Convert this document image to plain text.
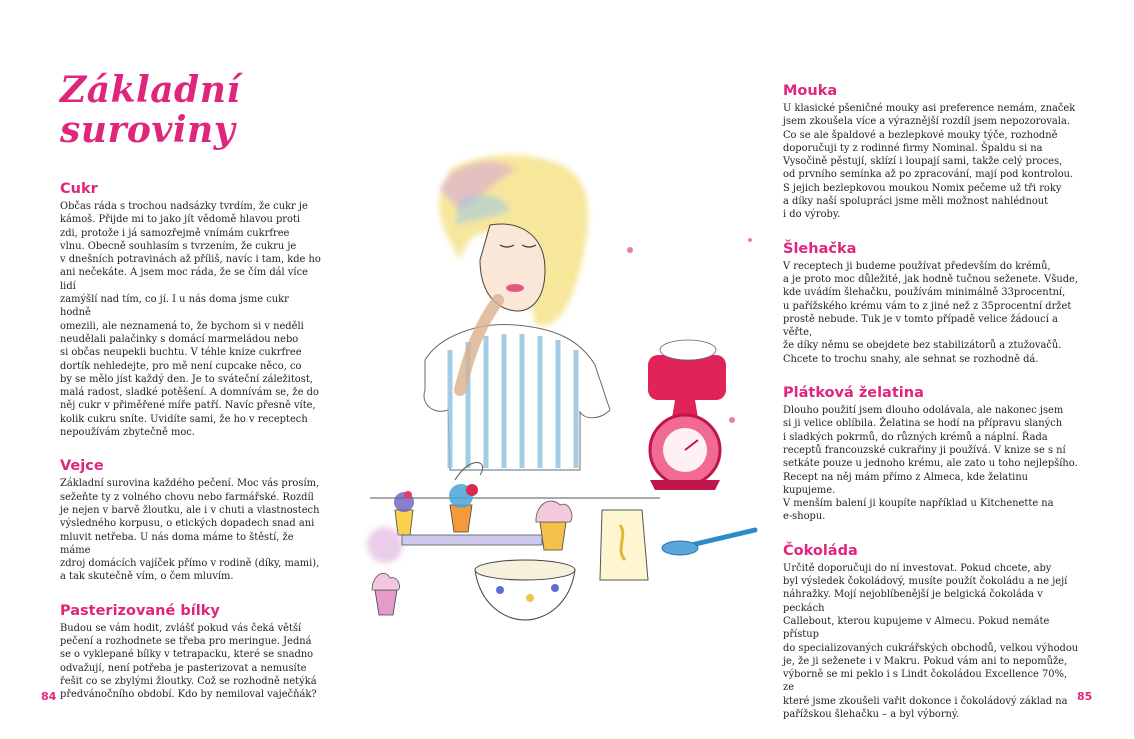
Základní
suroviny
Cukr

Občas ráda s trochou nadsázky tvrdím, že cukr je
kámoš. Přijde mi to jako jít vědomě hlavou proti
zdi, protože i já samozřejmě vnímám cukrfree
vlnu. Obecně souhlasím s tvrzením, že cukru je
v dnešních potravinách až příliš, navíc i tam, kde ho
ani nečekáte. A jsem moc ráda, že se čím dál více lidí
zamýšlí nad tím, co jí. I u nás doma jsme cukr hodně
omezili, ale neznamená to, že bychom si v neděli
neudělali palačinky s domácí marmeládou nebo
si občas neupekli buchtu. V téhle knize cukrfree
dortík nehledejte, pro mě není cupcake něco, co
by se mělo jíst každý den. Je to sváteční záležitost,
malá radost, sladké potěšení. A domnívám se, že do
něj cukr v přiměřené míře patří. Navíc přesně víte,
kolik cukru sníte. Uvidíte sami, že ho v receptech
nepoužívám zbytečně moc.

Vejce

Základní surovina každého pečení. Moc vás prosím,
sežeňte ty z volného chovu nebo farmářské. Rozdíl
je nejen v barvě žloutku, ale i v chuti a vlastnostech
výsledného korpusu, o etických dopadech snad ani
mluvit netřeba. U nás doma máme to štěstí, že máme
zdroj domácích vajíček přímo v rodině (díky, mami),
a tak skutečně vím, o čem mluvím.

Pasterizované bílky

Budou se vám hodit, zvlášť pokud vás čeká větší
pečení a rozhodnete se třeba pro meringue. Jedná
se o vyklepané bílky v tetrapacku, které se snadno
odvažují, není potřeba je pasterizovat a nemusíte
řešit co se zbylými žloutky. Což se rozhodně netýká
předvánočního období. Kdo by nemiloval vaječňák?

Mouka

U klasické pšeničné mouky asi preference nemám, značek
jsem zkoušela více a výraznější rozdíl jsem nepozorovala.
Co se ale špaldové a bezlepkové mouky týče, rozhodně
doporučuji ty z rodinné firmy Nominal. Špaldu si na
Vysočině pěstují, sklízí i loupají sami, takže celý proces,
od prvního semínka až po zpracování, mají pod kontrolou.
S jejich bezlepkovou moukou Nomix pečeme už tři roky
a díky naší spolupráci jsme měli možnost nahlédnout
i do výroby.

Šlehačka

V receptech ji budeme používat především do krémů,
a je proto moc důležité, jak hodně tučnou seženete. Všude,
kde uvádím šlehačku, používám minimálně 33procentní,
u pařížského krému vám to z jiné než z 35procentní držet
prostě nebude. Tuk je v tomto případě velice žádoucí a věřte,
že díky němu se obejdete bez stabilizátorů a ztužovačů.
Chcete to trochu snahy, ale sehnat se rozhodně dá.

Plátková želatina

Dlouho použití jsem dlouho odolávala, ale nakonec jsem
si ji velice oblíbila. Želatina se hodí na přípravu slaných
i sladkých pokrmů, do různých krémů a náplní. Řada
receptů francouzské cukrařiny ji používá. V knize se s ní
setkáte pouze u jednoho krému, ale zato u toho nejlepšího.
Recept na něj mám přímo z Almeca, kde želatinu kupujeme.
V menším balení ji koupíte například u Kitchenette na
e-shopu.

Čokoláda

Určitě doporučuji do ní investovat. Pokud chcete, aby
byl výsledek čokoládový, musíte použít čokoládu a ne její
náhražky. Mojí nejoblíbenější je belgická čokoláda v peckách
Callebout, kterou kupujeme v Almecu. Pokud nemáte přístup
do specializovaných cukrářských obchodů, velkou výhodou
je, že ji seženete i v Makru. Pokud vám ani to nepomůže,
výborně se mi peklo i s Lindt čokoládou Excellence 70%, ze
které jsme zkoušeli vařit dokonce i čokoládový základ na
pařížskou šlehačku – a byl výborný.

84	85
